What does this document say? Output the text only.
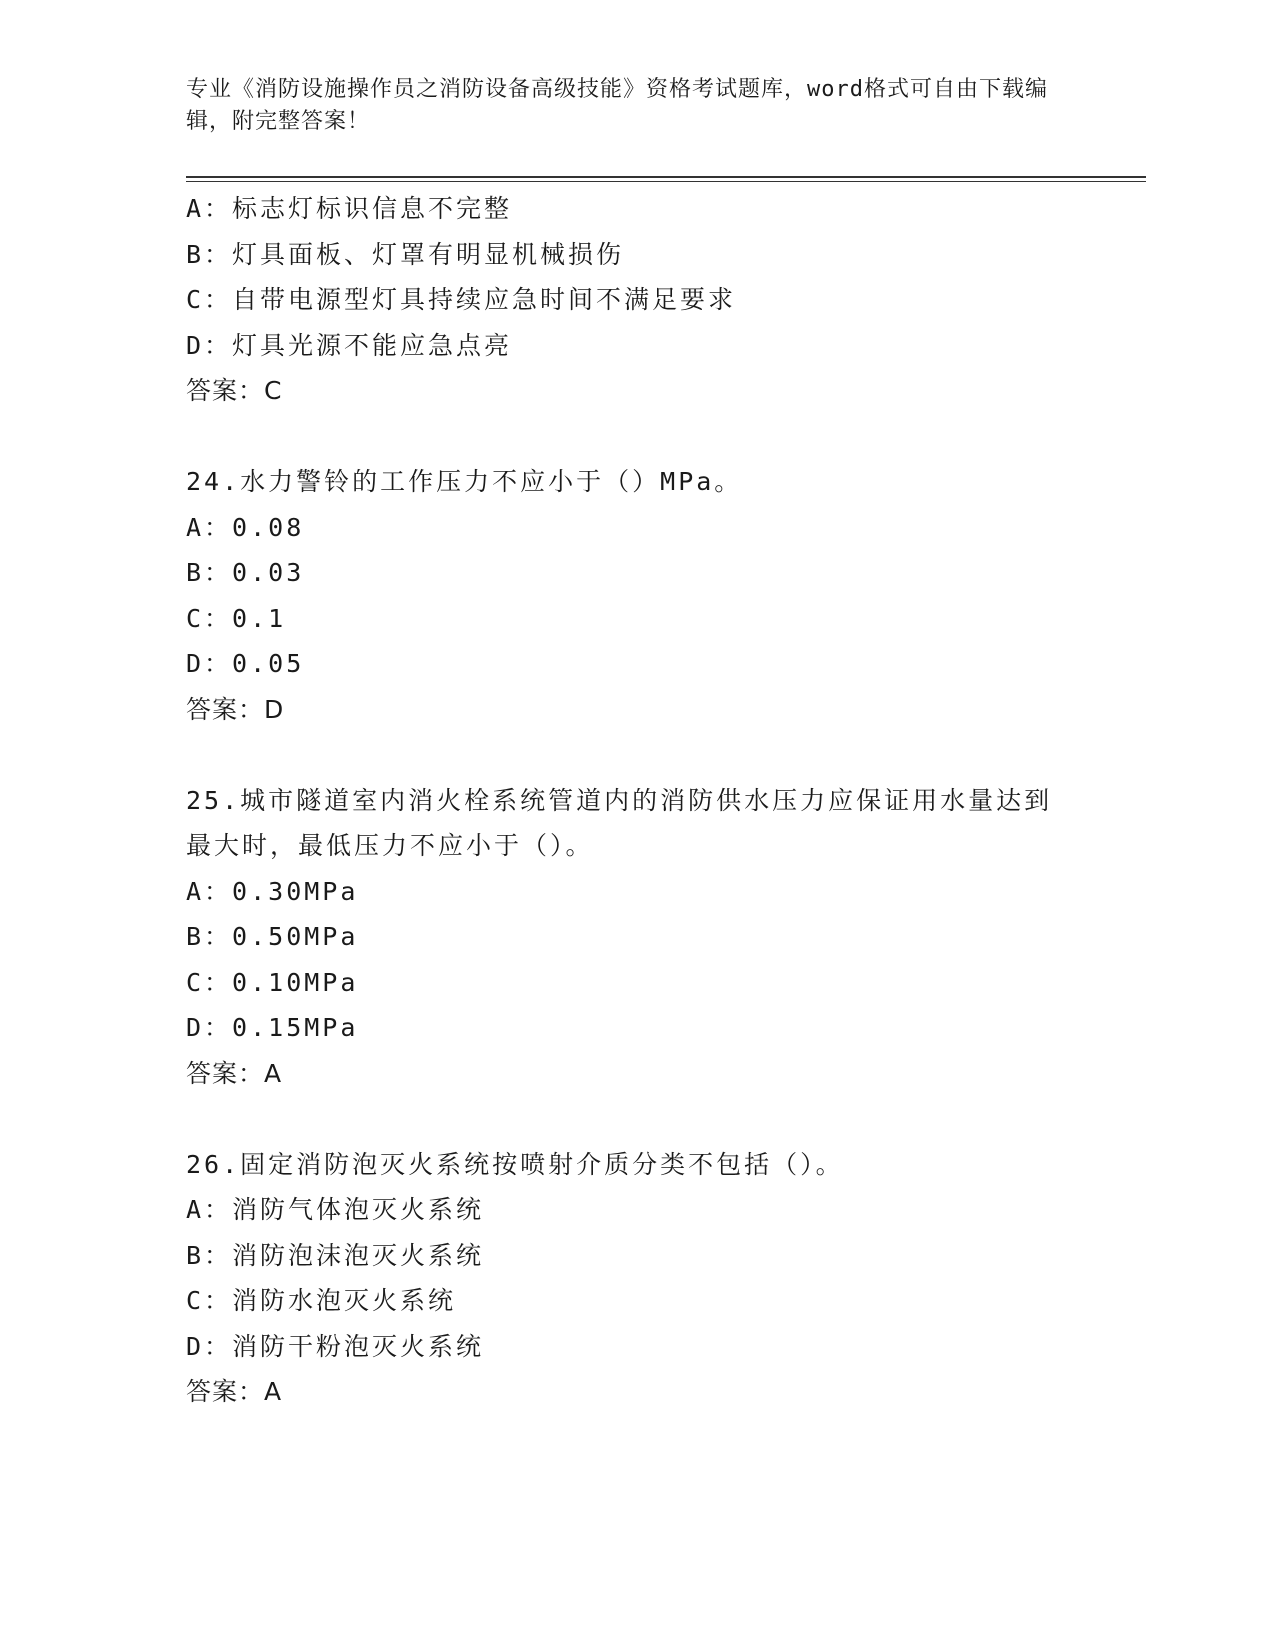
专业《消防设施操作员之消防设备高级技能》资格考试题库，word格式可自由下载编辑，附完整答案！
A：标志灯标识信息不完整
B：灯具面板、灯罩有明显机械损伤
C：自带电源型灯具持续应急时间不满足要求
D：灯具光源不能应急点亮
答案：C
24.水力警铃的工作压力不应小于（）MPa。
A：0.08
B：0.03
C：0.1
D：0.05
答案：D
25.城市隧道室内消火栓系统管道内的消防供水压力应保证用水量达到最大时，最低压力不应小于（）。
A：0.30MPa
B：0.50MPa
C：0.10MPa
D：0.15MPa
答案：A
26.固定消防泡灭火系统按喷射介质分类不包括（）。
A：消防气体泡灭火系统
B：消防泡沫泡灭火系统
C：消防水泡灭火系统
D：消防干粉泡灭火系统
答案：A
